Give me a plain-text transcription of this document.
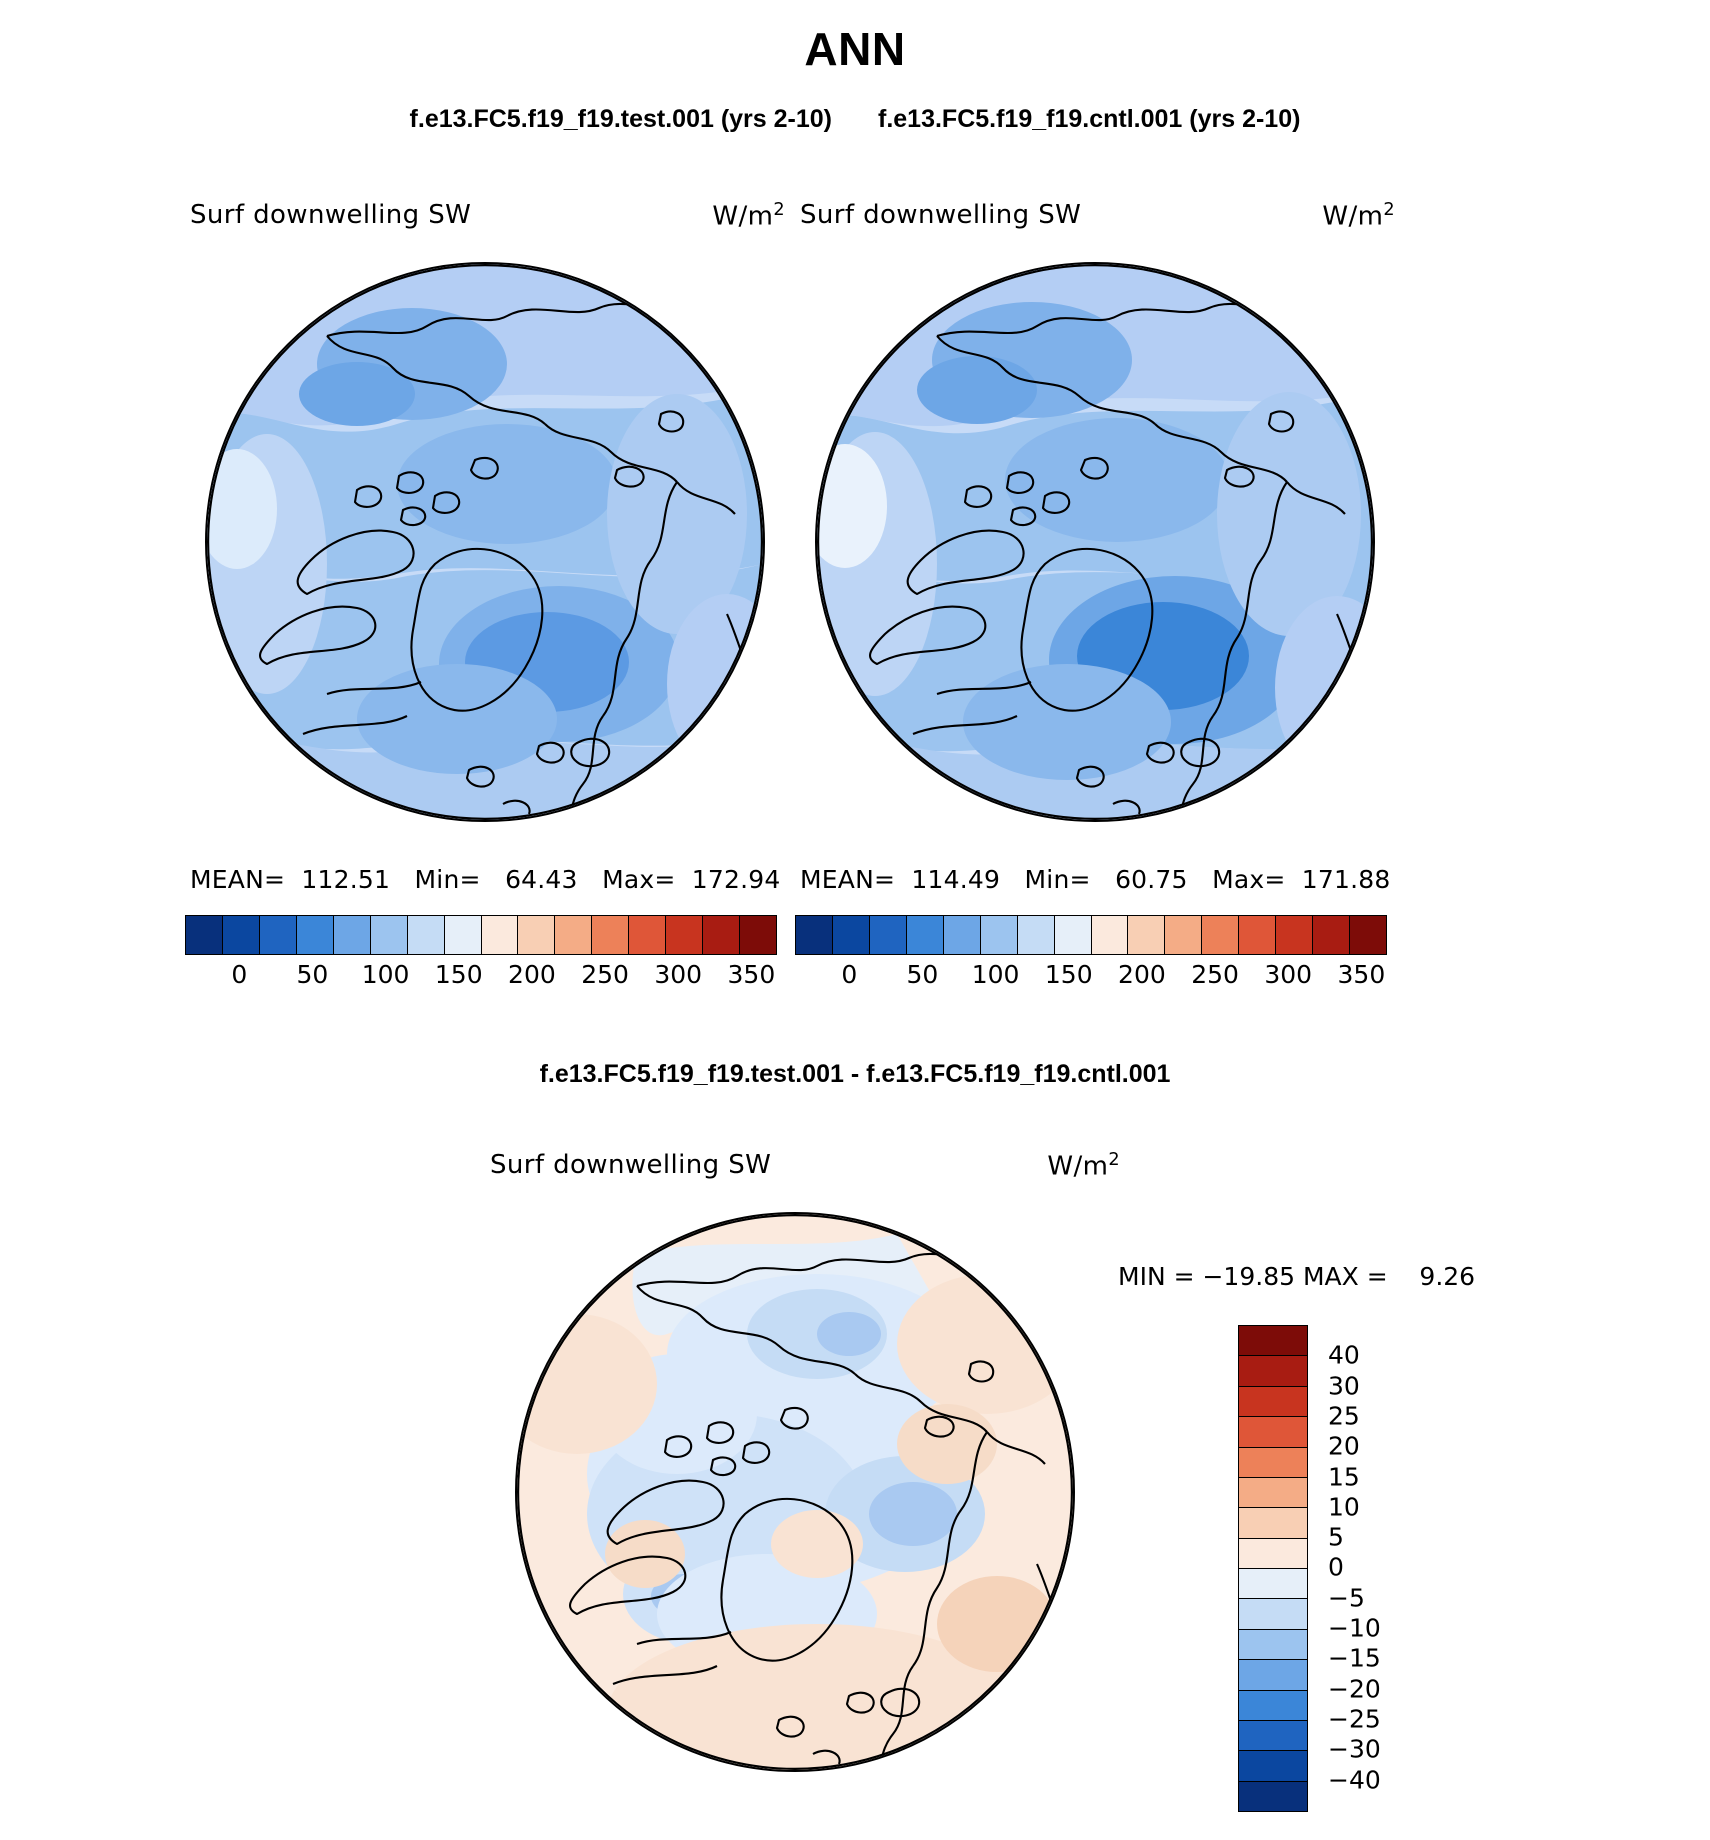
ANN
f.e13.FC5.f19_f19.test.001 (yrs 2-10) f.e13.FC5.f19_f19.cntl.001 (yrs 2-10)
Surf downwelling SW	$W/m^2$
MEAN=  112.51   Min=   64.43   Max=  172.94
0 50 100 150 200 250 300 350
Surf downwelling SW	$W/m^2$
MEAN=  114.49   Min=   60.75   Max=  171.88
0 50 100 150 200 250 300 350
f.e13.FC5.f19_f19.test.001 - f.e13.FC5.f19_f19.cntl.001
Surf downwelling SW	$W/m^2$
MIN = −19.85 MAX =    9.26
40
30
25
20
15
10
5
0
−5
−10
−15
−20
−25
−30
−40
